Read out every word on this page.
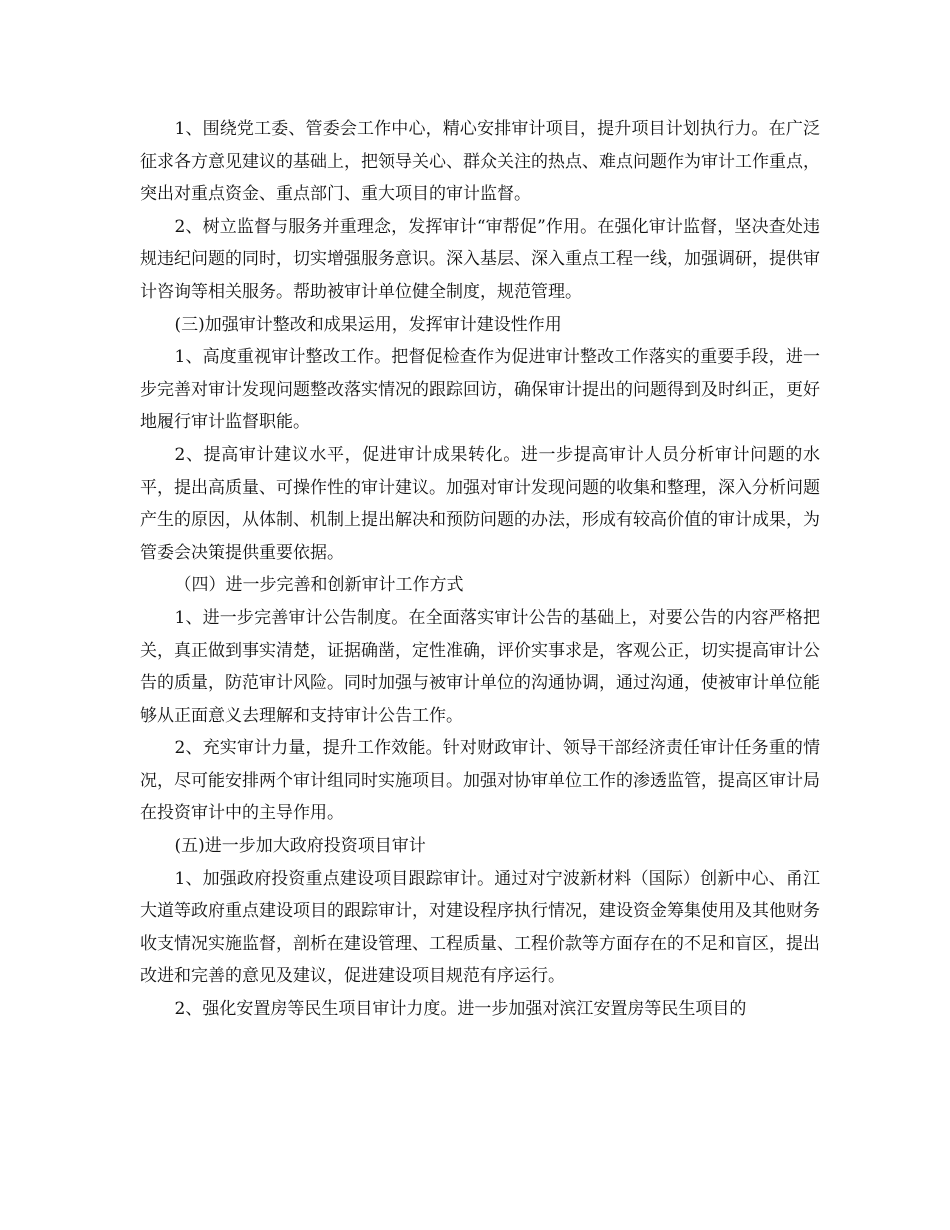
1、围绕党工委、管委会工作中心，精心安排审计项目，提升项目计划执行力。在广泛征求各方意见建议的基础上，把领导关心、群众关注的热点、难点问题作为审计工作重点，突出对重点资金、重点部门、重大项目的审计监督。

2、树立监督与服务并重理念，发挥审计“审帮促”作用。在强化审计监督，坚决查处违规违纪问题的同时，切实增强服务意识。深入基层、深入重点工程一线，加强调研，提供审计咨询等相关服务。帮助被审计单位健全制度，规范管理。

(三)加强审计整改和成果运用，发挥审计建设性作用

1、高度重视审计整改工作。把督促检查作为促进审计整改工作落实的重要手段，进一步完善对审计发现问题整改落实情况的跟踪回访，确保审计提出的问题得到及时纠正，更好地履行审计监督职能。

2、提高审计建议水平，促进审计成果转化。进一步提高审计人员分析审计问题的水平，提出高质量、可操作性的审计建议。加强对审计发现问题的收集和整理，深入分析问题产生的原因，从体制、机制上提出解决和预防问题的办法，形成有较高价值的审计成果，为管委会决策提供重要依据。

（四）进一步完善和创新审计工作方式

1、进一步完善审计公告制度。在全面落实审计公告的基础上，对要公告的内容严格把关，真正做到事实清楚，证据确凿，定性准确，评价实事求是，客观公正，切实提高审计公告的质量，防范审计风险。同时加强与被审计单位的沟通协调，通过沟通，使被审计单位能够从正面意义去理解和支持审计公告工作。

2、充实审计力量，提升工作效能。针对财政审计、领导干部经济责任审计任务重的情况，尽可能安排两个审计组同时实施项目。加强对协审单位工作的渗透监管，提高区审计局在投资审计中的主导作用。

(五)进一步加大政府投资项目审计

1、加强政府投资重点建设项目跟踪审计。通过对宁波新材料（国际）创新中心、甬江大道等政府重点建设项目的跟踪审计，对建设程序执行情况，建设资金筹集使用及其他财务收支情况实施监督，剖析在建设管理、工程质量、工程价款等方面存在的不足和盲区，提出改进和完善的意见及建议，促进建设项目规范有序运行。

2、强化安置房等民生项目审计力度。进一步加强对滨江安置房等民生项目的
